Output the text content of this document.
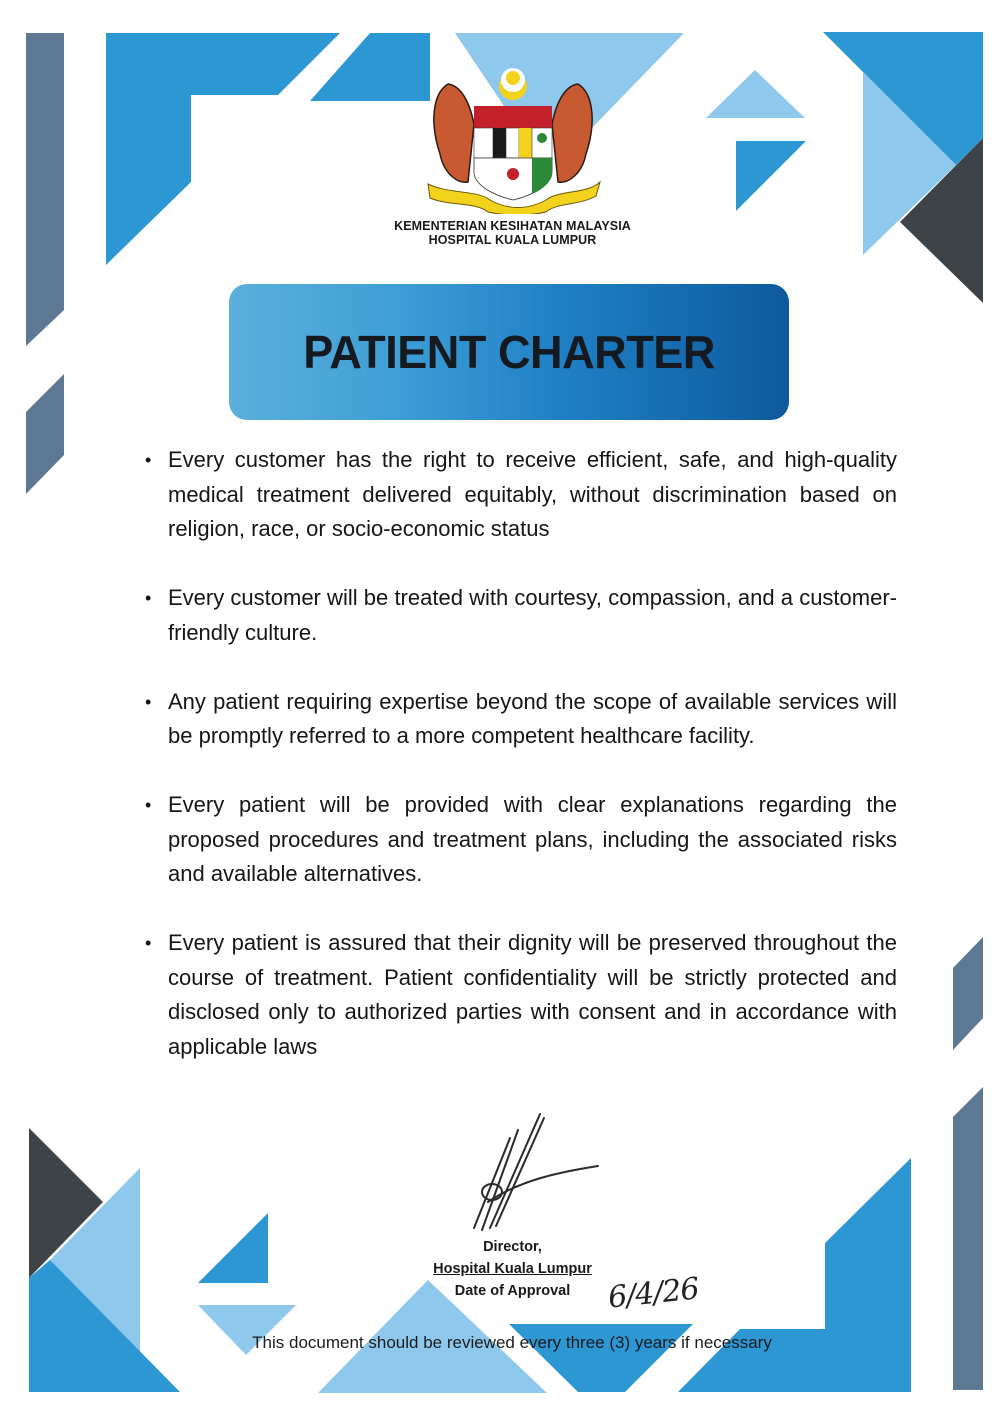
KEMENTERIAN KESIHATAN MALAYSIA
HOSPITAL KUALA LUMPUR
PATIENT CHARTER
• Every customer has the right to receive efficient, safe, and high-quality medical treatment delivered equitably, without discrimination based on religion, race, or socio-economic status
• Every customer will be treated with courtesy, compassion, and a customer-friendly culture.
• Any patient requiring expertise beyond the scope of available services will be promptly referred to a more competent healthcare facility.
• Every patient will be provided with clear explanations regarding the proposed procedures and treatment plans, including the associated risks and available alternatives.
• Every patient is assured that their dignity will be preserved throughout the course of treatment. Patient confidentiality will be strictly protected and disclosed only to authorized parties with consent and in accordance with applicable laws
Director,
Hospital Kuala Lumpur
Date of Approval	6/4/26
This document should be reviewed every three (3) years if necessary
